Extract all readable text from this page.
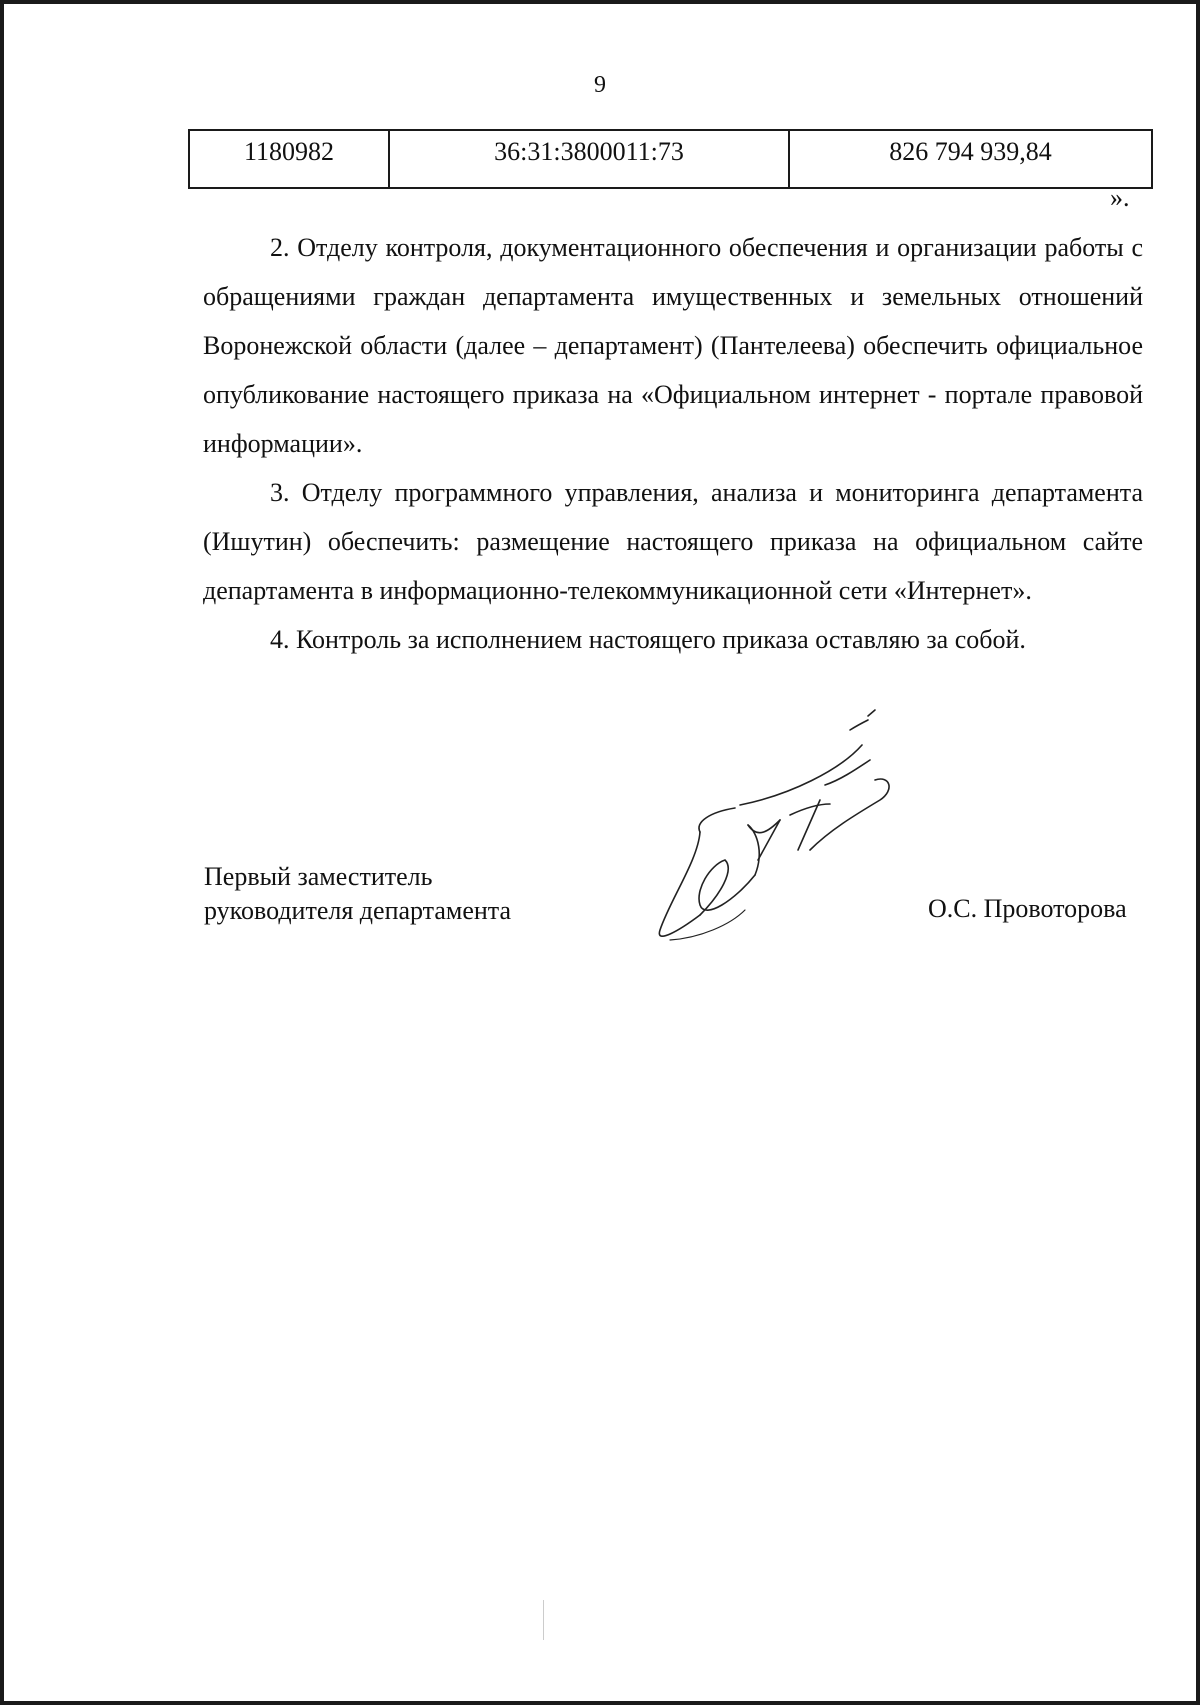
9
1180982	36:31:3800011:73	826 794 939,84
».

2. Отделу контроля, документационного обеспечения и организации работы с обращениями граждан департамента имущественных и земельных отношений Воронежской области (далее – департамент) (Пантелеева) обеспечить официальное опубликование настоящего приказа на «Официальном интернет - портале правовой информации».

3. Отделу программного управления, анализа и мониторинга департамента (Ишутин) обеспечить: размещение настоящего приказа на официальном сайте департамента в информационно-телекоммуникационной сети «Интернет».

4. Контроль за исполнением настоящего приказа оставляю за собой.

Первый заместитель
руководителя департамента	О.С. Провоторова
